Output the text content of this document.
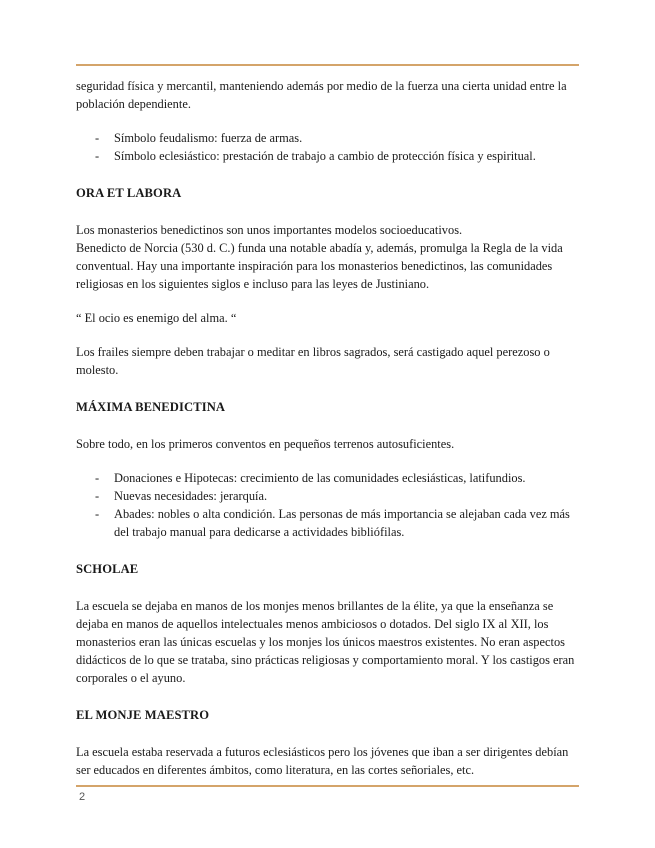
seguridad física y mercantil, manteniendo además por medio de la fuerza una cierta unidad entre la población dependiente.

- Símbolo feudalismo: fuerza de armas.
- Símbolo eclesiástico: prestación de trabajo a cambio de protección física y espiritual.
ORA ET LABORA

Los monasterios benedictinos son unos importantes modelos socioeducativos.

Benedicto de Norcia (530 d. C.) funda una notable abadía y, además, promulga la Regla de la vida conventual. Hay una importante inspiración para los monasterios benedictinos, las comunidades religiosas en los siguientes siglos e incluso para las leyes de Justiniano.

“ El ocio es enemigo del alma. “

Los frailes siempre deben trabajar o meditar en libros sagrados, será castigado aquel perezoso o molesto.

MÁXIMA BENEDICTINA

Sobre todo, en los primeros conventos en pequeños terrenos autosuficientes.

- Donaciones e Hipotecas: crecimiento de las comunidades eclesiásticas, latifundios.
- Nuevas necesidades: jerarquía.
- Abades: nobles o alta condición. Las personas de más importancia se alejaban cada vez más del trabajo manual para dedicarse a actividades bibliófilas.
SCHOLAE

La escuela se dejaba en manos de los monjes menos brillantes de la élite, ya que la enseñanza se dejaba en manos de aquellos intelectuales menos ambiciosos o dotados. Del siglo IX al XII, los monasterios eran las únicas escuelas y los monjes los únicos maestros existentes. No eran aspectos didácticos de lo que se trataba, sino prácticas religiosas y comportamiento moral. Y los castigos eran corporales o el ayuno.

EL MONJE MAESTRO

La escuela estaba reservada a futuros eclesiásticos pero los jóvenes que iban a ser dirigentes debían ser educados en diferentes ámbitos, como literatura, en las cortes señoriales, etc.

2
